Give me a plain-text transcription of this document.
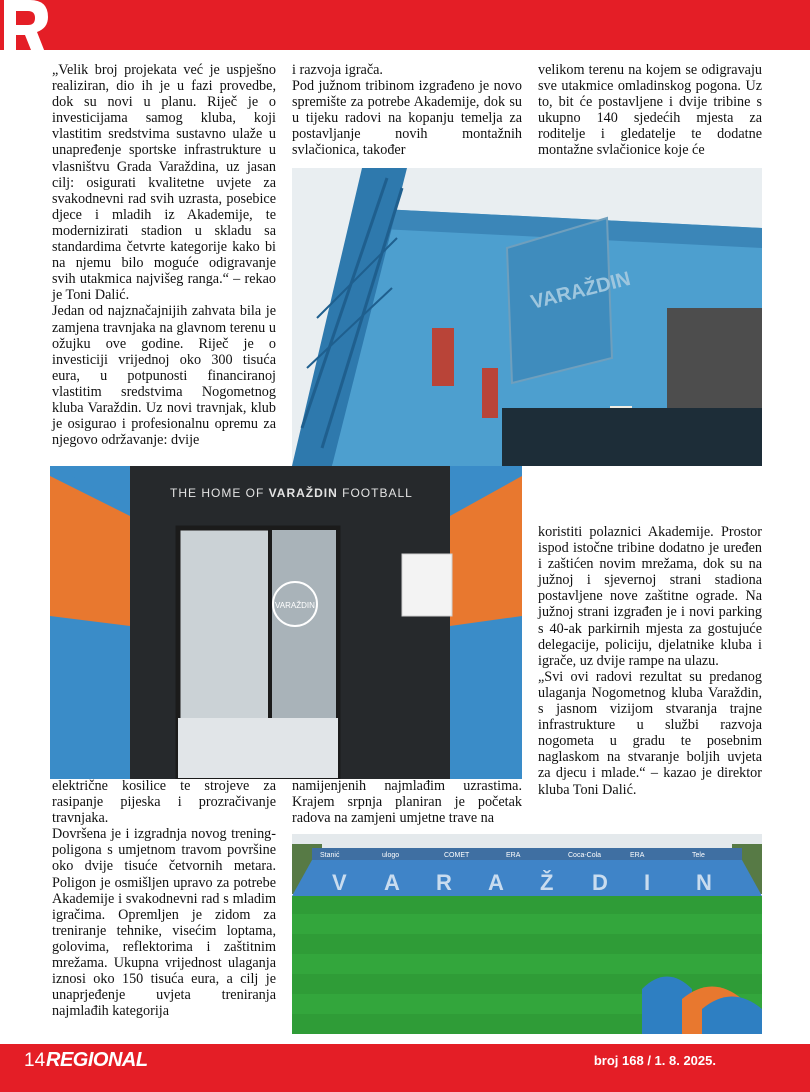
„Velik broj projekata već je uspješno realiziran, dio ih je u fazi provedbe, dok su novi u planu. Riječ je o investicijama samog kluba, koji vlastitim sredstvima sustavno ulaže u unapređenje sportske infrastrukture u vlasništvu Grada Varaždina, uz jasan cilj: osigurati kvalitetne uvjete za svakodnevni rad svih uzrasta, posebice djece i mladih iz Akademije, te modernizirati stadion u skladu sa standardima četvrte kategorije kako bi na njemu bilo moguće odigravanje svih utakmica najvišeg ranga.“ – rekao je Toni Dalić.

Jedan od najznačajnijih zahvata bila je zamjena travnjaka na glavnom terenu u ožujku ove godine. Riječ je o investiciji vrijednoj oko 300 tisuća eura, u potpunosti financiranoj vlastitim sredstvima Nogometnog kluba Varaždin. Uz novi travnjak, klub je osigurao i profesionalnu opremu za njegovo održavanje: dvije

i razvoja igrača.

Pod južnom tribinom izgrađeno je novo spremište za potrebe Akademije, dok su u tijeku radovi na kopanju temelja za postavljanje novih montažnih svlačionica, također

velikom terenu na kojem se odigravaju sve utakmice omladinskog pogona. Uz to, bit će postavljene i dvije tribine s ukupno 140 sjedećih mjesta za roditelje i gledatelje te dodatne montažne svlačionice koje će

VARAŽDIN
THE HOME OF VARAŽDIN FOOTBALL
VARAŽDIN

koristiti polaznici Akademije. Prostor ispod istočne tribine dodatno je uređen i zaštićen novim mrežama, dok su na južnoj i sjevernoj strani stadiona postavljene nove zaštitne ograde. Na južnoj strani izgrađen je i novi parking s 40-ak parkirnih mjesta za gostujuće delegacije, policiju, djelatnike kluba i igrače, uz dvije rampe na ulazu.

„Svi ovi radovi rezultat su predanog ulaganja Nogometnog kluba Varaždin, s jasnom vizijom stvaranja trajne infrastrukture u službi razvoja nogometa u gradu te posebnim naglaskom na stvaranje boljih uvjeta za djecu i mlade.“ – kazao je direktor kluba Toni Dalić.

električne kosilice te strojeve za rasipanje pijeska i prozračivanje travnjaka.

Dovršena je i izgradnja novog trening-poligona s umjetnom travom površine oko dvije tisuće četvornih metara. Poligon je osmišljen upravo za potrebe Akademije i svakodnevni rad s mladim igračima. Opremljen je zidom za treniranje tehnike, visećim loptama, golovima, reflektorima i zaštitnim mrežama. Ukupna vrijednost ulaganja iznosi oko 150 tisuća eura, a cilj je unaprjeđenje uvjeta treniranja najmlađih kategorija

namijenjenih najmlađim uzrastima. Krajem srpnja planiran je početak radova na zamjeni umjetne trave na

Stanić	ulogo	COMET	ERA	Coca-Cola	ERA	Tele
V A R A Ž D I N
14 REGIONAL	broj 168 / 1. 8. 2025.
